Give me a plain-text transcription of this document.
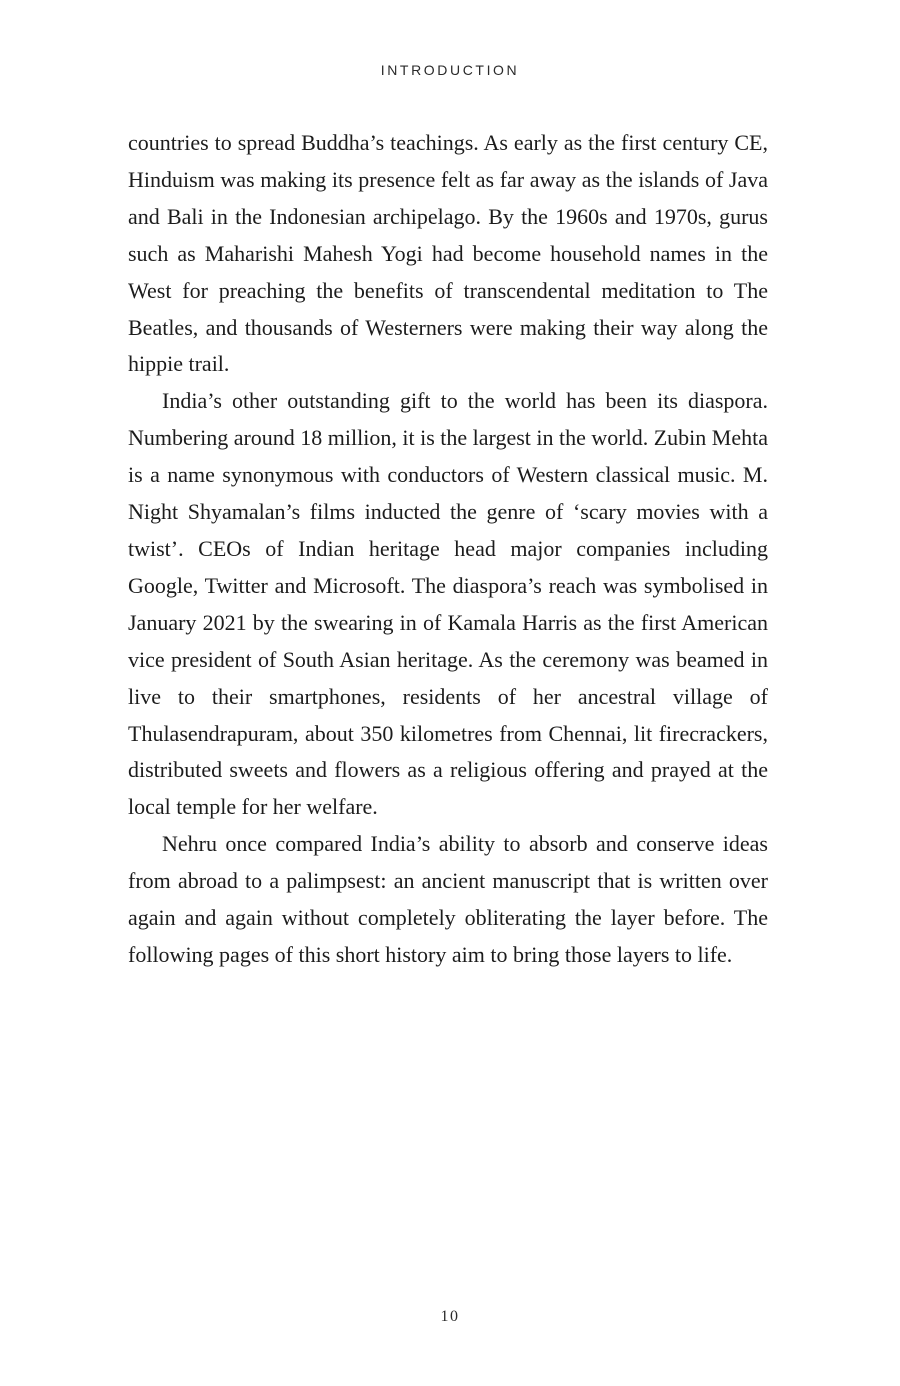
INTRODUCTION

countries to spread Buddha’s teachings. As early as the first century CE, Hinduism was making its presence felt as far away as the islands of Java and Bali in the Indonesian archipelago. By the 1960s and 1970s, gurus such as Maharishi Mahesh Yogi had become household names in the West for preaching the benefits of transcendental meditation to The Beatles, and thousands of Westerners were making their way along the hippie trail.

India’s other outstanding gift to the world has been its diaspora. Numbering around 18 million, it is the largest in the world. Zubin Mehta is a name synonymous with conductors of Western classical music. M. Night Shyamalan’s films inducted the genre of ‘scary movies with a twist’. CEOs of Indian heritage head major companies including Google, Twitter and Microsoft. The diaspora’s reach was symbolised in January 2021 by the swearing in of Kamala Harris as the first American vice president of South Asian heritage. As the ceremony was beamed in live to their smartphones, residents of her ancestral village of Thulasendrapuram, about 350 kilometres from Chennai, lit firecrackers, distributed sweets and flowers as a religious offering and prayed at the local temple for her welfare.

Nehru once compared India’s ability to absorb and conserve ideas from abroad to a palimpsest: an ancient manuscript that is written over again and again without completely obliterating the layer before. The following pages of this short history aim to bring those layers to life.

10
